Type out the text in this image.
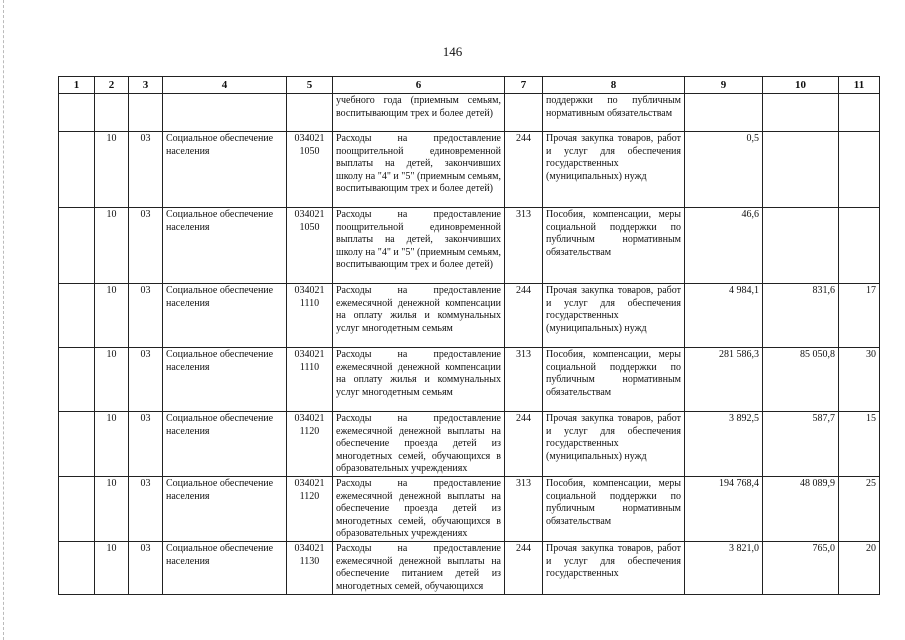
146
1	2	3	4	5	6	7	8	9	10	11
					учебного года (приемным семьям, воспитывающим трех и более детей)		поддержки по публичным нормативным обязательствам			
	10	03	Социальное обеспечение населения	034021 1050	Расходы на предоставление поощрительной единовременной выплаты на детей, закончивших школу на "4" и "5" (приемным семьям, воспитывающим трех и более детей)	244	Прочая закупка товаров, работ и услуг для обеспечения государственных (муниципальных) нужд	0,5		
	10	03	Социальное обеспечение населения	034021 1050	Расходы на предоставление поощрительной единовременной выплаты на детей, закончивших школу на "4" и "5" (приемным семьям, воспитывающим трех и более детей)	313	Пособия, компенсации, меры социальной поддержки по публичным нормативным обязательствам	46,6		
	10	03	Социальное обеспечение населения	034021 1110	Расходы на предоставление ежемесячной денежной компенсации на оплату жилья и коммунальных услуг многодетным семьям	244	Прочая закупка товаров, работ и услуг для обеспечения государственных (муниципальных) нужд	4 984,1	831,6	17
	10	03	Социальное обеспечение населения	034021 1110	Расходы на предоставление ежемесячной денежной компенсации на оплату жилья и коммунальных услуг многодетным семьям	313	Пособия, компенсации, меры социальной поддержки по публичным нормативным обязательствам	281 586,3	85 050,8	30
	10	03	Социальное обеспечение населения	034021 1120	Расходы на предоставление ежемесячной денежной выплаты на обеспечение проезда детей из многодетных семей, обучающихся в образовательных учреждениях	244	Прочая закупка товаров, работ и услуг для обеспечения государственных (муниципальных) нужд	3 892,5	587,7	15
	10	03	Социальное обеспечение населения	034021 1120	Расходы на предоставление ежемесячной денежной выплаты на обеспечение проезда детей из многодетных семей, обучающихся в образовательных учреждениях	313	Пособия, компенсации, меры социальной поддержки по публичным нормативным обязательствам	194 768,4	48 089,9	25
	10	03	Социальное обеспечение населения	034021 1130	Расходы на предоставление ежемесячной денежной выплаты на обеспечение питанием детей из многодетных семей, обучающихся	244	Прочая закупка товаров, работ и услуг для обеспечения государственных	3 821,0	765,0	20
